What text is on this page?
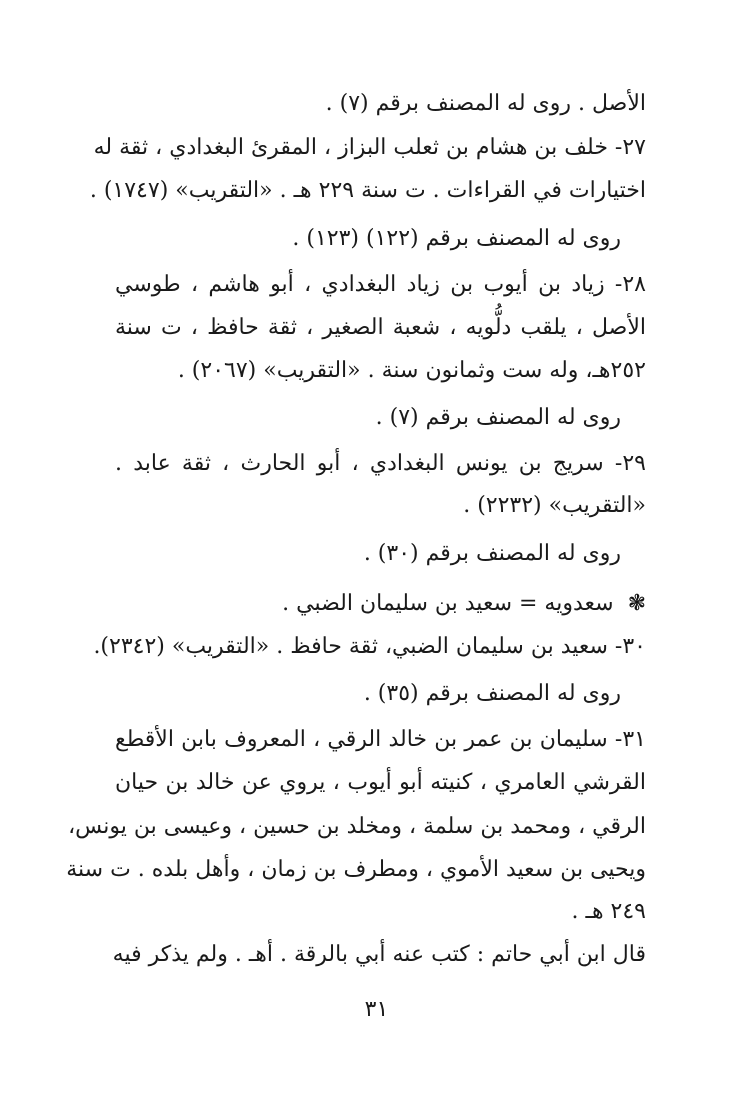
الأصل . روى له المصنف برقم (٧) .
٢٧- خلف بن هشام بن ثعلب البزاز ، المقرئ البغدادي ، ثقة له
اختيارات في القراءات . ت سنة ٢٢٩ هـ . «التقريب» (١٧٤٧) .
روى له المصنف برقم (١٢٢) (١٢٣) .
٢٨- زياد بن أيوب بن زياد البغدادي ، أبو هاشم ، طوسي
الأصل ، يلقب دلُّويه ، شعبة الصغير ، ثقة حافظ ، ت سنة
٢٥٢هـ، وله ست وثمانون سنة . «التقريب» (٢٠٦٧) .
روى له المصنف برقم (٧) .
٢٩- سريج بن يونس البغدادي ، أبو الحارث ، ثقة عابد .
«التقريب» (٢٢٣٢) .
روى له المصنف برقم (٣٠) .
❃
سعدويه = سعيد بن سليمان الضبي .
٣٠- سعيد بن سليمان الضبي، ثقة حافظ . «التقريب» (٢٣٤٢).
روى له المصنف برقم (٣٥) .
٣١- سليمان بن عمر بن خالد الرقي ، المعروف بابن الأقطع
القرشي العامري ، كنيته أبو أيوب ، يروي عن خالد بن حيان
الرقي ، ومحمد بن سلمة ، ومخلد بن حسين ، وعيسى بن يونس،
ويحيى بن سعيد الأموي ، ومطرف بن زمان ، وأهل بلده . ت سنة
٢٤٩ هـ .
قال ابن أبي حاتم : كتب عنه أبي بالرقة . أهـ . ولم يذكر فيه
٣١
